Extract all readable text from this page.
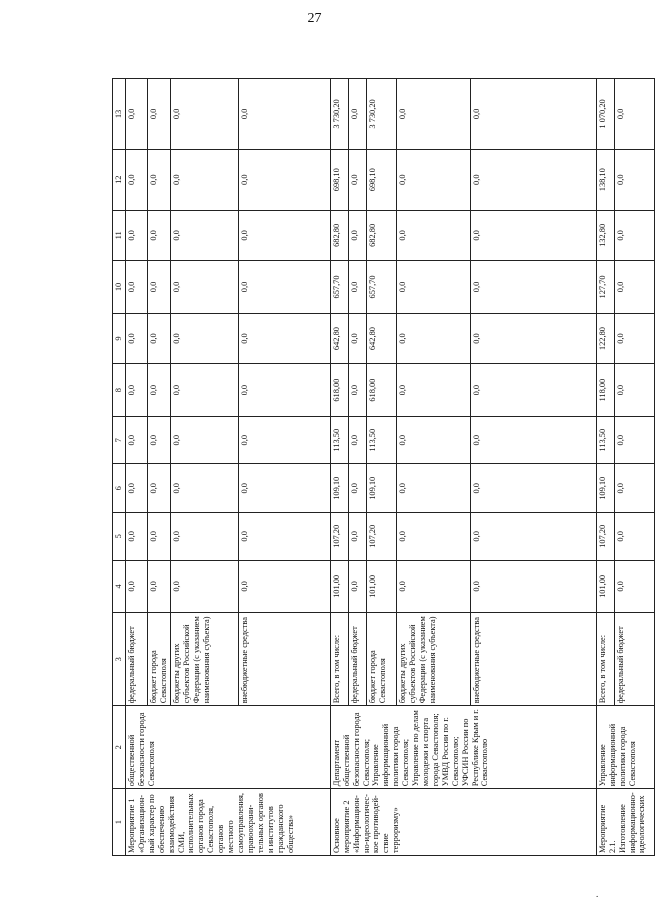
27
1	2	3	4	5	6	7	8	9	10	11	12	13
Мероприятие 1 «Организацион- ный характер по обеспечению взаимодействия СМИ, исполнительных органов города Севастополя, органов местного самоуправления, правоохрани- тельных органов и институтов гражданского общества»	общественной безопасности города Севастополя	федеральный бюджет	0,0	0,0	0,0	0,0	0,0	0,0	0,0	0,0	0,0	0,0
		бюджет города Севастополя	0,0	0,0	0,0	0,0	0,0	0,0	0,0	0,0	0,0	0,0
		бюджеты других субъектов Российской Федерации (с указанием наименования субъекта)	0,0	0,0	0,0	0,0	0,0	0,0	0,0	0,0	0,0	0,0
		внебюджетные средства	0,0	0,0	0,0	0,0	0,0	0,0	0,0	0,0	0,0	0,0
Основное мероприятие 2 «Информацион- но-идеологичес- кое противодей- ствие терроризму»	Департамент общественной безопасности города Севастополя; Управление информационной политики города Севастополя; Управление по делам молодежи и спорта города Севастополя; УМВД России по г. Севастополю; УФСИН России по Республике Крым и г. Севастополю	Всего, в том числе:	101,00	107,20	109,10	113,50	618,00	642,80	657,70	682,80	698,10	3 730,20
		федеральный бюджет	0,0	0,0	0,0	0,0	0,0	0,0	0,0	0,0	0,0	0,0
		бюджет города Севастополя	101,00	107,20	109,10	113,50	618,00	642,80	657,70	682,80	698,10	3 730,20
		бюджеты других субъектов Российской Федерации (с указанием наименования субъекта)	0,0	0,0	0,0	0,0	0,0	0,0	0,0	0,0	0,0	0,0
		внебюджетные средства	0,0	0,0	0,0	0,0	0,0	0,0	0,0	0,0	0,0	0,0
Мероприятие 2.1. Изготовление информационно- идеологических	Управление информационной политики города Севастополя	Всего, в том числе:	101,00	107,20	109,10	113,50	118,00	122,80	127,70	132,80	138,10	1 070,20
		федеральный бюджет	0,0	0,0	0,0	0,0	0,0	0,0	0,0	0,0	0,0	0,0
.
